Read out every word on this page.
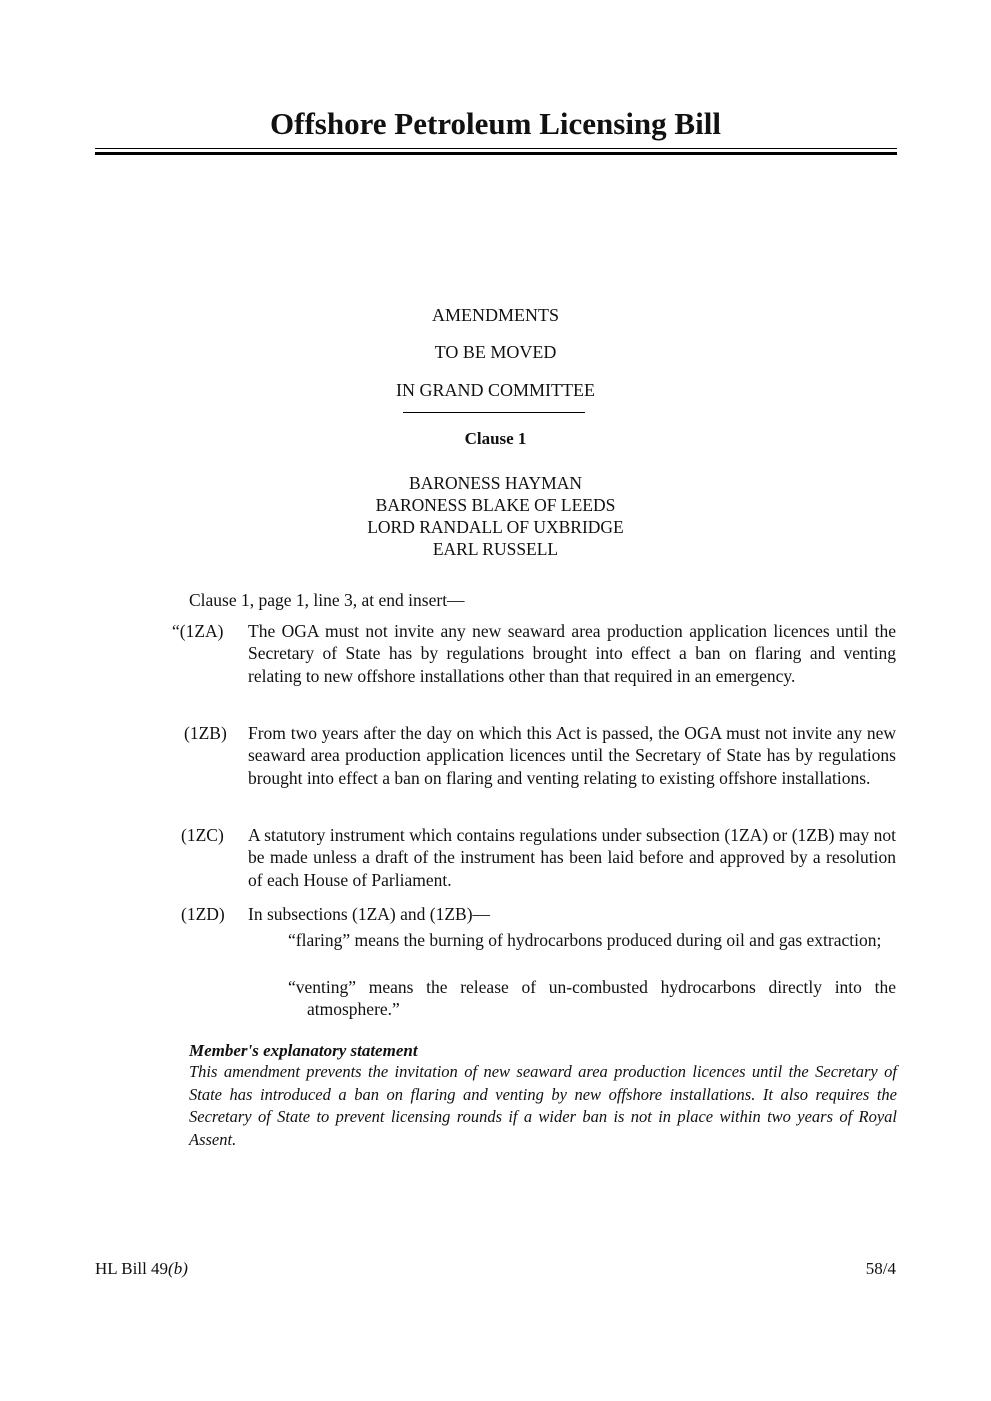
Offshore Petroleum Licensing Bill
AMENDMENTS
TO BE MOVED
IN GRAND COMMITTEE
Clause 1
BARONESS HAYMAN
BARONESS BLAKE OF LEEDS
LORD RANDALL OF UXBRIDGE
EARL RUSSELL
Clause 1, page 1, line 3, at end insert—
“(1ZA) The OGA must not invite any new seaward area production application licences until the Secretary of State has by regulations brought into effect a ban on flaring and venting relating to new offshore installations other than that required in an emergency.
(1ZB) From two years after the day on which this Act is passed, the OGA must not invite any new seaward area production application licences until the Secretary of State has by regulations brought into effect a ban on flaring and venting relating to existing offshore installations.
(1ZC) A statutory instrument which contains regulations under subsection (1ZA) or (1ZB) may not be made unless a draft of the instrument has been laid before and approved by a resolution of each House of Parliament.
(1ZD) In subsections (1ZA) and (1ZB)—
“flaring” means the burning of hydrocarbons produced during oil and gas extraction;
“venting” means the release of un-combusted hydrocarbons directly into the atmosphere.”
Member's explanatory statement
This amendment prevents the invitation of new seaward area production licences until the Secretary of State has introduced a ban on flaring and venting by new offshore installations. It also requires the Secretary of State to prevent licensing rounds if a wider ban is not in place within two years of Royal Assent.
HL Bill 49(b)	58/4
